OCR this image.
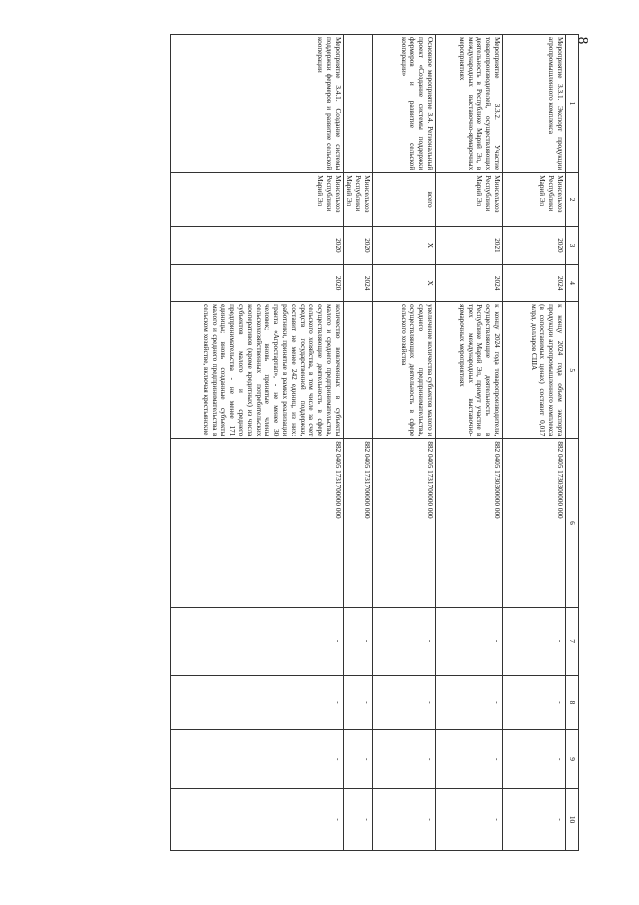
8
1	2	3	4	5	6	7	8	9	10
Мероприятие 3.3.1. Экспорт продукции агропромышленного комплекса	Минсельхоз Республики Марий Эл	2020	2024	к концу 2024 года объем экспорта продукции агропромышленного комплекса (в сопоставимых ценах) составит 0,017 млрд. долларов США	882 0405 1730300000 000	-	-	-	-
Мероприятие 3.3.2. Участие товаропроизводителей, осуществляющих деятельность в Республике Марий Эл, в международных выставочно-ярмарочных мероприятиях	Минсельхоз Республики Марий Эл	2021	2024	к концу 2024 года товаропроизводители, осуществляющие деятельность в Республике Марий Эл, примут участие в трех международных выставочно-ярмарочных мероприятиях	882 0405 1730300000 000	-	-	-	-
Основное мероприятие 3.4. Региональный проект «Создание системы поддержки фермеров и развитие сельской кооперации»	всего	X	X	увеличение количества субъектов малого и среднего предпринимательства, осуществляющих деятельность в сфере сельского хозяйства	882 0405 1731700000 000	-	-	-	-
	Минсельхоз Республики Марий Эл	2020	2024		882 0405 1731700000 000	-	-	-	-
Мероприятие 3.4.1. Создание системы поддержки фермеров и развитие сельской кооперации	Минсельхоз Республики Марий Эл	2020	2020	количество вовлеченных в субъекты малого и среднего предпринимательства, осуществляющие деятельность в сфере сельского хозяйства, в том числе за счет средств государственной поддержки, составит не менее 242 единиц, из них: работники, принятые в рамках реализации гранта «Агростартап», - не менее 30 человек; вновь принятые члены сельскохозяйственных потребительских кооперативов (кроме кредитных) из числа субъектов малого и среднего предпринимательства - не менее 171 единицы; вновь созданные субъекты малого и среднего предпринимательства в сельском хозяйстве, включая крестьянские	882 0405 1731700000 000	-	-	-	-
